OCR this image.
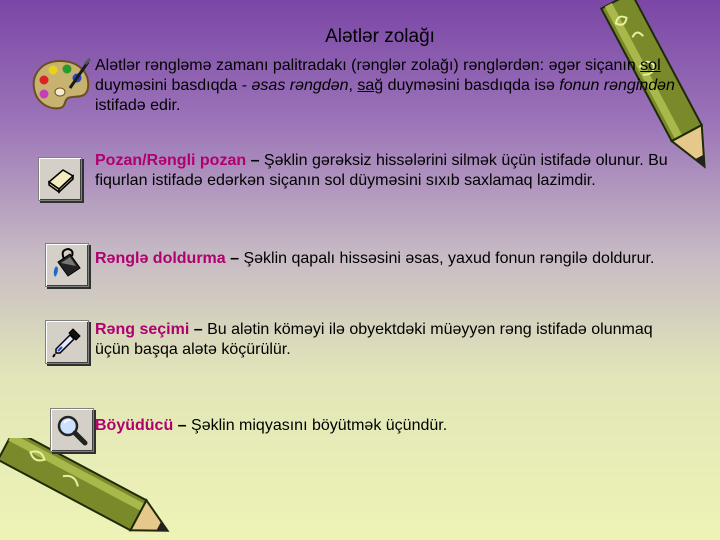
Alətlər zolağı
Alətlər rəngləmə zamanı palitradakı (rənglər zolağı) rənglərdən: əgər siçanın sol duyməsini basdıqda - əsas rəngdən, sağ duyməsini basdıqda isə fonun rəngindən istifadə edir.
Pozan/Rəngli pozan – Şəklin gərəksiz hissələrini silmək üçün istifadə olunur. Bu fiqurlan istifadə edərkən siçanın sol düyməsini sıxıb saxlamaq lazimdir.
Rənglə doldurma – Şəklin qapalı hissəsini əsas, yaxud fonun rəngilə doldurur.
Rəng seçimi – Bu alətin köməyi ilə obyektdəki müəyyən rəng istifadə olunmaq üçün başqa alətə köçürülür.
Böyüdücü – Şəklin miqyasını böyütmək üçündür.
